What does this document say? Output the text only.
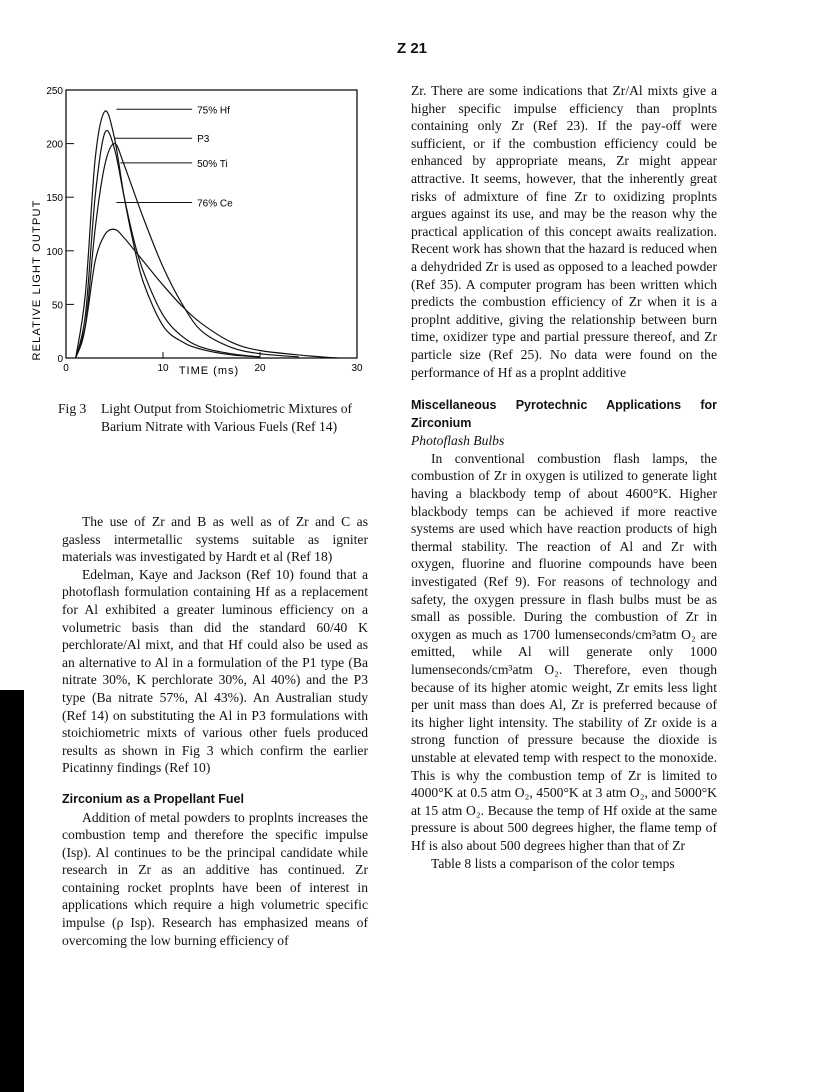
Z 21
0
50
100
150
200
250
0	10	20	30
75% Hf
P3
50% Ti
76% Ce
RELATIVE LIGHT OUTPUT
TIME (ms)
Fig 3 Light Output from Stoichiometric Mixtures of Barium Nitrate with Various Fuels (Ref 14)

The use of Zr and B as well as of Zr and C as gasless intermetallic systems suitable as igniter materials was investigated by Hardt et al (Ref 18)

Edelman, Kaye and Jackson (Ref 10) found that a photoflash formulation containing Hf as a replacement for Al exhibited a greater luminous efficiency on a volumetric basis than did the standard 60/40 K perchlorate/Al mixt, and that Hf could also be used as an alternative to Al in a formulation of the P1 type (Ba nitrate 30%, K perchlorate 30%, Al 40%) and the P3 type (Ba nitrate 57%, Al 43%). An Australian study (Ref 14) on substituting the Al in P3 formulations with stoichiometric mixts of various other fuels produced results as shown in Fig 3 which confirm the earlier Picatinny findings (Ref 10)

Zirconium as a Propellant Fuel

Addition of metal powders to proplnts increases the combustion temp and therefore the specific impulse (Isp). Al continues to be the principal candidate while research in Zr as an additive has continued. Zr containing rocket proplnts have been of interest in applications which require a high volumetric specific impulse (ρ Isp). Research has emphasized means of overcoming the low burning efficiency of

Zr. There are some indications that Zr/Al mixts give a higher specific impulse efficiency than proplnts containing only Zr (Ref 23). If the pay-off were sufficient, or if the combustion efficiency could be enhanced by appropriate means, Zr might appear attractive. It seems, however, that the inherently great risks of admixture of fine Zr to oxidizing proplnts argues against its use, and may be the reason why the practical application of this concept awaits realization. Recent work has shown that the hazard is reduced when a dehydrided Zr is used as opposed to a leached powder (Ref 35). A computer program has been written which predicts the combustion efficiency of Zr when it is a proplnt additive, giving the relationship between burn time, oxidizer type and partial pressure thereof, and Zr particle size (Ref 25). No data were found on the performance of Hf as a proplnt additive

Miscellaneous Pyrotechnic Applications for Zirconium

Photoflash Bulbs

In conventional combustion flash lamps, the combustion of Zr in oxygen is utilized to generate light having a blackbody temp of about 4600°K. Higher blackbody temps can be achieved if more reactive systems are used which have reaction products of high thermal stability. The reaction of Al and Zr with oxygen, fluorine and fluorine compounds have been investigated (Ref 9). For reasons of technology and safety, the oxygen pressure in flash bulbs must be as small as possible. During the combustion of Zr in oxygen as much as 1700 lumenseconds/cm³atm O₂ are emitted, while Al will generate only 1000 lumenseconds/cm³atm O₂. Therefore, even though because of its higher atomic weight, Zr emits less light per unit mass than does Al, Zr is preferred because of its higher light intensity. The stability of Zr oxide is a strong function of pressure because the dioxide is unstable at elevated temp with respect to the monoxide. This is why the combustion temp of Zr is limited to 4000°K at 0.5 atm O₂, 4500°K at 3 atm O₂, and 5000°K at 15 atm O₂. Because the temp of Hf oxide at the same pressure is about 500 degrees higher, the flame temp of Hf is also about 500 degrees higher than that of Zr

Table 8 lists a comparison of the color temps
